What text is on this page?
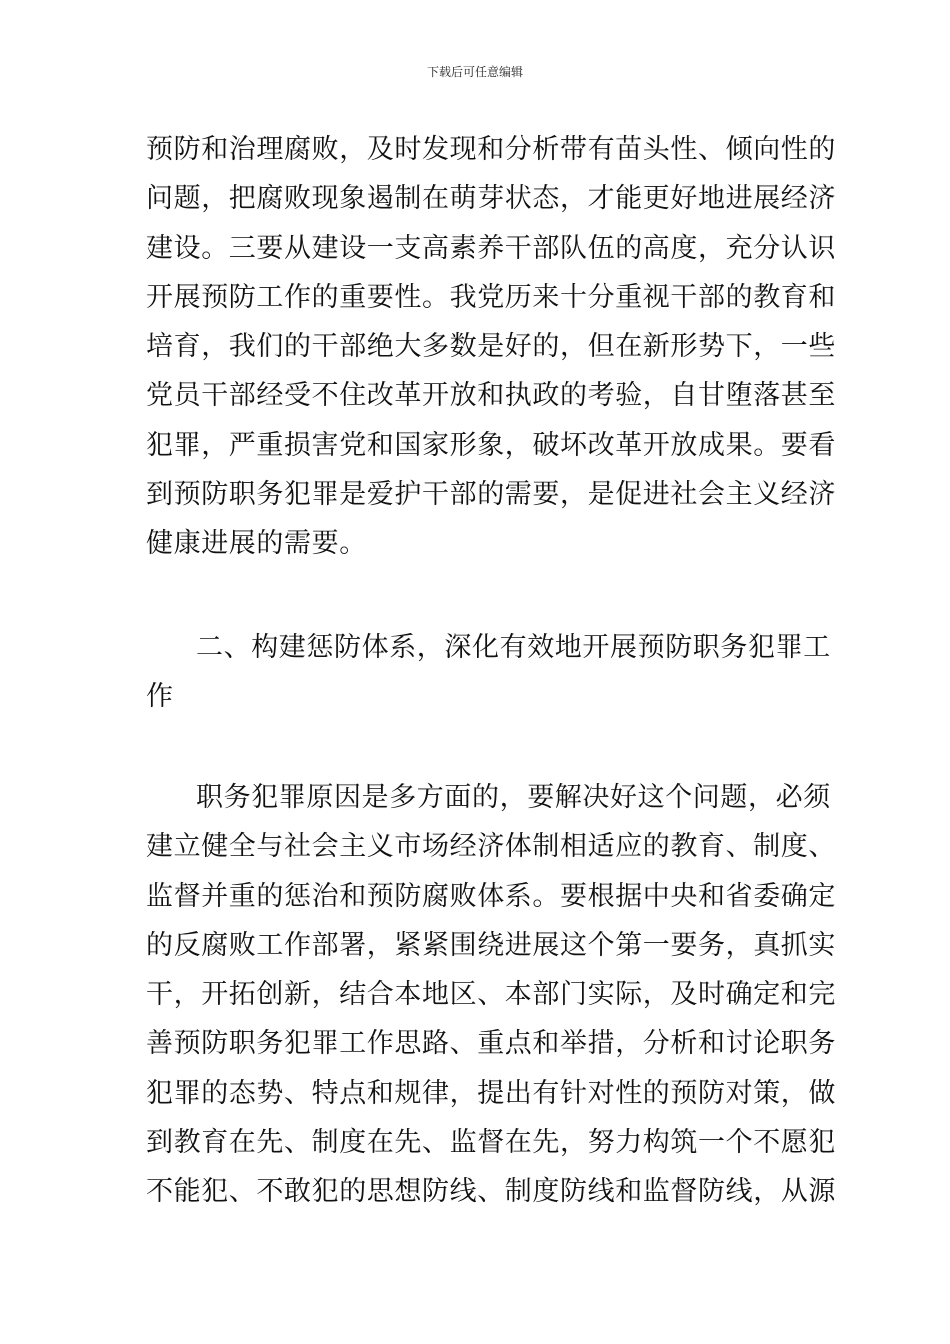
下载后可任意编辑
预防和治理腐败，及时发现和分析带有苗头性、倾向性的
问题，把腐败现象遏制在萌芽状态，才能更好地进展经济
建设。三要从建设一支高素养干部队伍的高度，充分认识
开展预防工作的重要性。我党历来十分重视干部的教育和
培育，我们的干部绝大多数是好的，但在新形势下，一些
党员干部经受不住改革开放和执政的考验，自甘堕落甚至
犯罪，严重损害党和国家形象，破坏改革开放成果。要看
到预防职务犯罪是爱护干部的需要，是促进社会主义经济
健康进展的需要。
二、构建惩防体系，深化有效地开展预防职务犯罪工
作
职务犯罪原因是多方面的，要解决好这个问题，必须
建立健全与社会主义市场经济体制相适应的教育、制度、
监督并重的惩治和预防腐败体系。要根据中央和省委确定
的反腐败工作部署，紧紧围绕进展这个第一要务，真抓实
干，开拓创新，结合本地区、本部门实际，及时确定和完
善预防职务犯罪工作思路、重点和举措，分析和讨论职务
犯罪的态势、特点和规律，提出有针对性的预防对策，做
到教育在先、制度在先、监督在先，努力构筑一个不愿犯
不能犯、不敢犯的思想防线、制度防线和监督防线，从源
